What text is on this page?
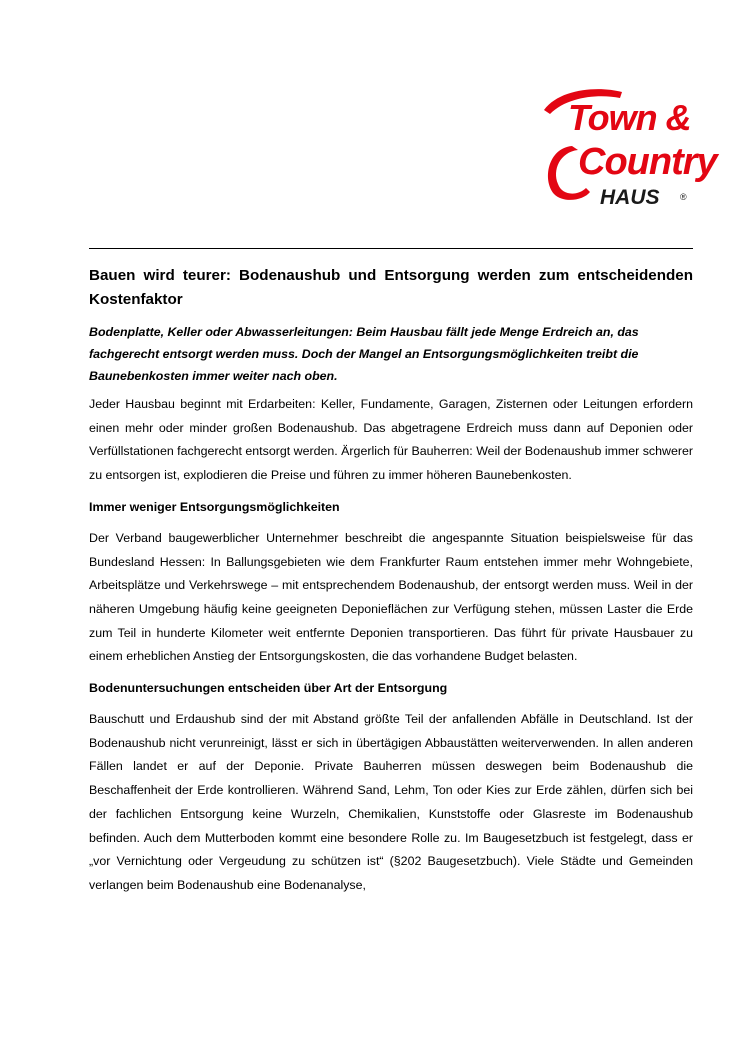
Town &
Country
HAUS ®
Bauen wird teurer: Bodenaushub und Entsorgung werden zum entscheidenden Kostenfaktor

Bodenplatte, Keller oder Abwasserleitungen: Beim Hausbau fällt jede Menge Erdreich an, das fachgerecht entsorgt werden muss. Doch der Mangel an Entsorgungsmöglichkeiten treibt die Baunebenkosten immer weiter nach oben.

Jeder Hausbau beginnt mit Erdarbeiten: Keller, Fundamente, Garagen, Zisternen oder Leitungen erfordern einen mehr oder minder großen Bodenaushub. Das abgetragene Erdreich muss dann auf Deponien oder Verfüllstationen fachgerecht entsorgt werden. Ärgerlich für Bauherren: Weil der Bodenaushub immer schwerer zu entsorgen ist, explodieren die Preise und führen zu immer höheren Baunebenkosten.

Immer weniger Entsorgungsmöglichkeiten

Der Verband baugewerblicher Unternehmer beschreibt die angespannte Situation beispielsweise für das Bundesland Hessen: In Ballungsgebieten wie dem Frankfurter Raum entstehen immer mehr Wohngebiete, Arbeitsplätze und Verkehrswege – mit entsprechendem Bodenaushub, der entsorgt werden muss. Weil in der näheren Umgebung häufig keine geeigneten Deponieflächen zur Verfügung stehen, müssen Laster die Erde zum Teil in hunderte Kilometer weit entfernte Deponien transportieren. Das führt für private Hausbauer zu einem erheblichen Anstieg der Entsorgungskosten, die das vorhandene Budget belasten.

Bodenuntersuchungen entscheiden über Art der Entsorgung

Bauschutt und Erdaushub sind der mit Abstand größte Teil der anfallenden Abfälle in Deutschland. Ist der Bodenaushub nicht verunreinigt, lässt er sich in übertägigen Abbaustätten weiterverwenden. In allen anderen Fällen landet er auf der Deponie. Private Bauherren müssen deswegen beim Bodenaushub die Beschaffenheit der Erde kontrollieren. Während Sand, Lehm, Ton oder Kies zur Erde zählen, dürfen sich bei der fachlichen Entsorgung keine Wurzeln, Chemikalien, Kunststoffe oder Glasreste im Bodenaushub befinden. Auch dem Mutterboden kommt eine besondere Rolle zu. Im Baugesetzbuch ist festgelegt, dass er „vor Vernichtung oder Vergeudung zu schützen ist“ (§202 Baugesetzbuch). Viele Städte und Gemeinden verlangen beim Bodenaushub eine Bodenanalyse,
